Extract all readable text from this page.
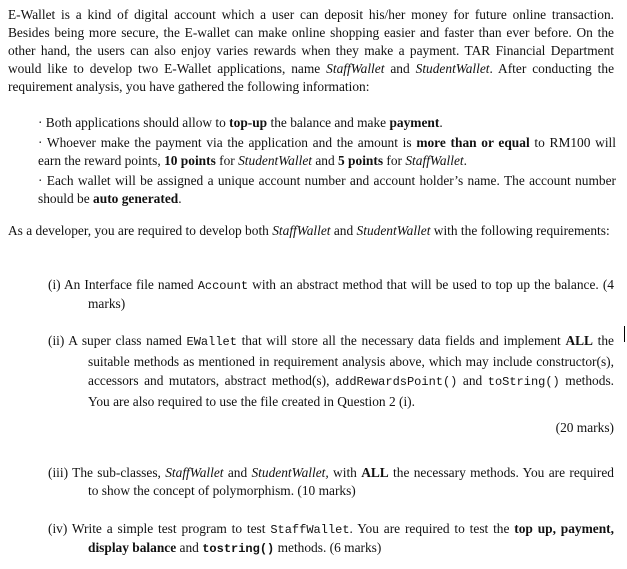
E-Wallet is a kind of digital account which a user can deposit his/her money for future online transaction. Besides being more secure, the E-wallet can make online shopping easier and faster than ever before. On the other hand, the users can also enjoy varies rewards when they make a payment. TAR Financial Department would like to develop two E-Wallet applications, name StaffWallet and StudentWallet. After conducting the requirement analysis, you have gathered the following information:
· Both applications should allow to top-up the balance and make payment.
· Whoever make the payment via the application and the amount is more than or equal to RM100 will earn the reward points, 10 points for StudentWallet and 5 points for StaffWallet.
· Each wallet will be assigned a unique account number and account holder’s name. The account number should be auto generated.
As a developer, you are required to develop both StaffWallet and StudentWallet with the following requirements:
(i) An Interface file named Account with an abstract method that will be used to top up the balance. (4 marks)
(ii) A super class named EWallet that will store all the necessary data fields and implement ALL the suitable methods as mentioned in requirement analysis above, which may include constructor(s), accessors and mutators, abstract method(s), addRewardsPoint() and toString() methods. You are also required to use the file created in Question 2 (i).
(20 marks)
(iii) The sub-classes, StaffWallet and StudentWallet, with ALL the necessary methods. You are required to show the concept of polymorphism. (10 marks)
(iv) Write a simple test program to test StaffWallet. You are required to test the top up, payment, display balance and tostring() methods. (6 marks)
